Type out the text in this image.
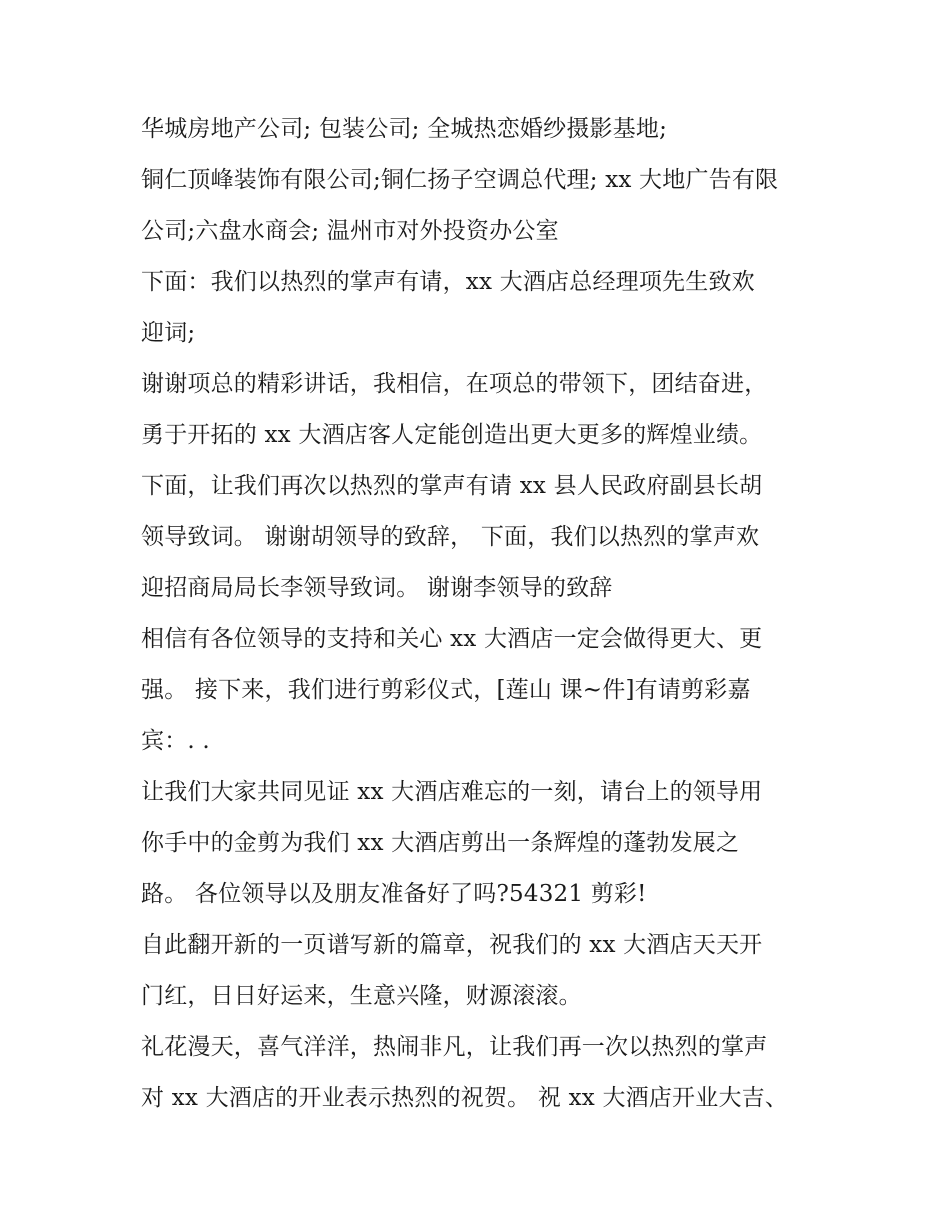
华城房地产公司; 包装公司; 全城热恋婚纱摄影基地;
铜仁顶峰装饰有限公司;铜仁扬子空调总代理; xx 大地广告有限
公司;六盘水商会; 温州市对外投资办公室
下面：我们以热烈的掌声有请，xx 大酒店总经理项先生致欢
迎词;
谢谢项总的精彩讲话，我相信，在项总的带领下，团结奋进，
勇于开拓的 xx 大酒店客人定能创造出更大更多的辉煌业绩。
下面，让我们再次以热烈的掌声有请 xx 县人民政府副县长胡
领导致词。 谢谢胡领导的致辞， 下面，我们以热烈的掌声欢
迎招商局局长李领导致词。 谢谢李领导的致辞
相信有各位领导的支持和关心 xx 大酒店一定会做得更大、更
强。 接下来，我们进行剪彩仪式，[莲山 课~件]有请剪彩嘉
宾：. .
让我们大家共同见证 xx 大酒店难忘的一刻，请台上的领导用
你手中的金剪为我们 xx 大酒店剪出一条辉煌的蓬勃发展之
路。 各位领导以及朋友准备好了吗?54321 剪彩!
自此翻开新的一页谱写新的篇章，祝我们的 xx 大酒店天天开
门红，日日好运来，生意兴隆，财源滚滚。
礼花漫天，喜气洋洋，热闹非凡，让我们再一次以热烈的掌声
对 xx 大酒店的开业表示热烈的祝贺。 祝 xx 大酒店开业大吉、
